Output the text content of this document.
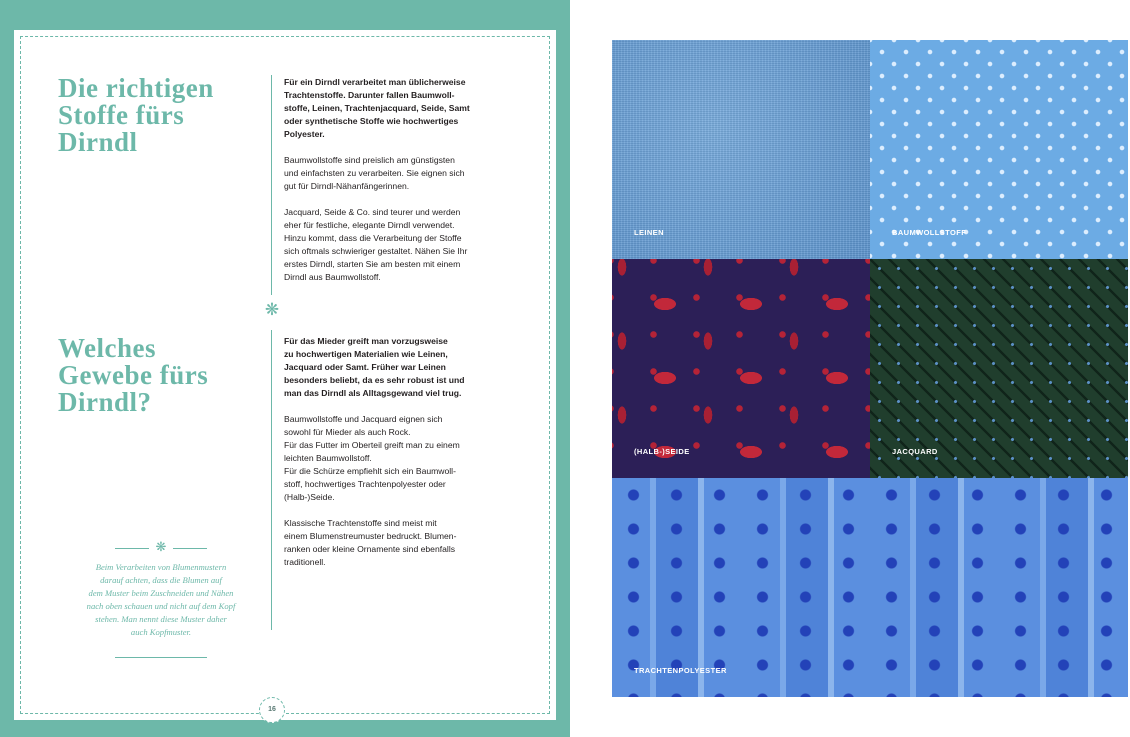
Die richtigen
Stoffe fürs
Dirndl

Für ein Dirndl verarbeitet man üblicherweise
Trachtenstoffe. Darunter fallen Baumwoll-
stoffe, Leinen, Trachtenjacquard, Seide, Samt
oder synthetische Stoffe wie hochwertiges
Polyester.

Baumwollstoffe sind preislich am günstigsten
und einfachsten zu verarbeiten. Sie eignen sich
gut für Dirndl-Nähanfängerinnen.

Jacquard, Seide & Co. sind teurer und werden
eher für festliche, elegante Dirndl verwendet.
Hinzu kommt, dass die Verarbeitung der Stoffe
sich oftmals schwieriger gestaltet. Nähen Sie Ihr
erstes Dirndl, starten Sie am besten mit einem
Dirndl aus Baumwollstoff.

❋
Welches
Gewebe fürs
Dirndl?

Für das Mieder greift man vorzugsweise
zu hochwertigen Materialien wie Leinen,
Jacquard oder Samt. Früher war Leinen
besonders beliebt, da es sehr robust ist und
man das Dirndl als Alltagsgewand viel trug.

Baumwollstoffe und Jacquard eignen sich
sowohl für Mieder als auch Rock.
Für das Futter im Oberteil greift man zu einem
leichten Baumwollstoff.
Für die Schürze empfiehlt sich ein Baumwoll-
stoff, hochwertiges Trachtenpolyester oder
(Halb-)Seide.

Klassische Trachtenstoffe sind meist mit
einem Blumenstreumuster bedruckt. Blumen-
ranken oder kleine Ornamente sind ebenfalls
traditionell.

❋

Beim Verarbeiten von Blumenmustern
darauf achten, dass die Blumen auf
dem Muster beim Zuschneiden und Nähen
nach oben schauen und nicht auf dem Kopf
stehen. Man nennt diese Muster daher
auch Kopfmuster.

16
LEINEN	BAUMWOLLSTOFF
(HALB-)SEIDE	JACQUARD
TRACHTENPOLYESTER
